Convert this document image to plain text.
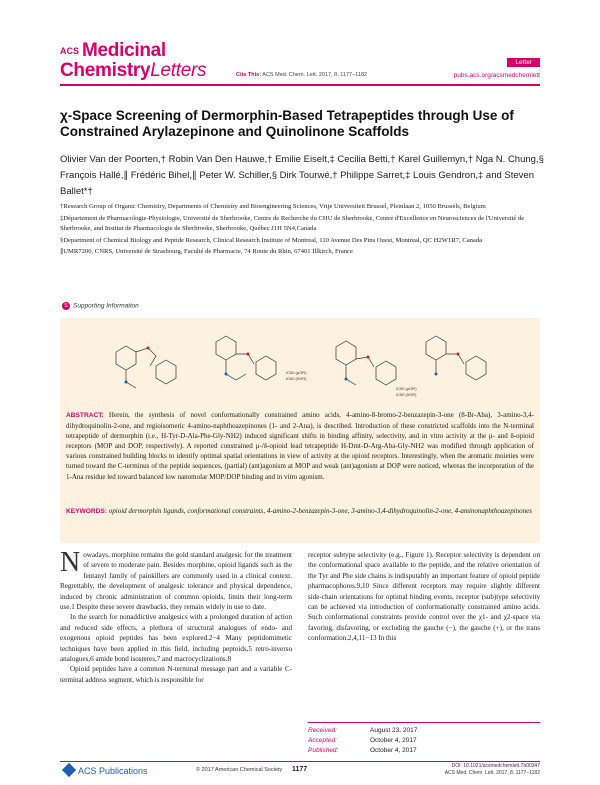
ACS Medicinal
ChemistryLetters	Letter
Cite This: ACS Med. Chem. Lett. 2017, 8, 1177−1182	pubs.acs.org/acsmedchemlett
χ-Space Screening of Dermorphin-Based Tetrapeptides through Use of Constrained Arylazepinone and Quinolinone Scaffolds
Olivier Van der Poorten,† Robin Van Den Hauwe,† Emilie Eiselt,‡ Cecilia Betti,† Karel Guillemyn,† Nga N. Chung,§ François Hallé,∥ Frédéric Bihel,∥ Peter W. Schiller,§ Dirk Tourwé,† Philippe Sarret,‡ Louis Gendron,‡ and Steven Ballet*†

†Research Group of Organic Chemistry, Departments of Chemistry and Bioengineering Sciences, Vrije Universiteit Brussel, Pleinlaan 2, 1050 Brussels, Belgium

‡Département de Pharmacologie-Physiologie, Université de Sherbrooke, Centre de Recherche du CHU de Sherbrooke, Centre d'Excellence en Neurosciences de l'Université de Sherbrooke, and Institut de Pharmacologie de Sherbrooke, Sherbrooke, Québec J1H 5N4,Canada

§Department of Chemical Biology and Peptide Research, Clinical Research Institute of Montreal, 110 Avenue Des Pins Ouest, Montreal, QC H2W1R7, Canada

∥UMR7200, CNRS, Université de Strasbourg, Faculté de Pharmacie, 74 Route du Rhin, 67401 Illkirch, France

S Supporting Information
IC50 (μOR)
IC50 (δOR)
IC50 (μOR)
IC50 (δOR)
ABSTRACT: Herein, the synthesis of novel conformationally constrained amino acids, 4-amino-8-bromo-2-benzazepin-3-one (8-Br-Aba), 3-amino-3,4-dihydroquinolin-2-one, and regioisomeric 4-amino-naphthoazepinones (1- and 2-Ana), is described. Introduction of these constricted scaffolds into the N-terminal tetrapeptide of dermorphin (i.e., H-Tyr-D-Ala-Phe-Gly-NH2) induced significant shifts in binding affinity, selectivity, and in vitro activity at the μ- and δ-opioid receptors (MOP and DOP, respectively). A reported constrained μ-/δ-opioid lead tetrapeptide H-Dmt-D-Arg-Aba-Gly-NH2 was modified through application of various constrained building blocks to identify optimal spatial orientations in view of activity at the opioid receptors. Interestingly, when the aromatic moieties were turned toward the C-terminus of the peptide sequences, (partial) (ant)agonism at MOP and weak (ant)agonism at DOP were noticed, whereas the incorporation of the 1-Ana residue led toward balanced low nanomolar MOP/DOP binding and in vitro agonism.
KEYWORDS: opioid dermorphin ligands, conformational constraints, 4-amino-2-benzazepin-3-one, 3-amino-3,4-dihydroquinolin-2-one, 4-aminonaphthoazepinones

Nowadays, morphine remains the gold standard analgesic for the treatment of severe to moderate pain. Besides morphine, opioid ligands such as the fentanyl family of painkillers are commonly used in a clinical context. Regrettably, the development of analgesic tolerance and physical dependence, induced by chronic administration of common opioids, limits their long-term use.1 Despite these severe drawbacks, they remain widely in use to date.

In the search for nonaddictive analgesics with a prolonged duration of action and reduced side effects, a plethora of structural analogues of endo- and exogenous opioid peptides has been explored.2−4 Many peptidomimetic techniques have been applied in this field, including peptoids,5 retro-inverso analogues,6 amide bond isosteres,7 and macrocyclizations.8

Opioid peptides have a common N-terminal message part and a variable C-terminal address segment, which is responsible for

receptor subtype selectivity (e.g., Figure 1). Receptor selectivity is dependent on the conformational space available to the peptide, and the relative orientation of the Tyr and Phe side chains is indisputably an important feature of opioid peptide pharmacophores.9,10 Since different receptors may require slightly different side-chain orientations for optimal binding events, receptor (sub)type selectivity can be achieved via introduction of conformationally constrained amino acids. Such conformational constraints provide control over the χ1- and χ2-space via favoring, disfavoring, or excluding the gauche (−), the gauche (+), or the trans conformation.2,4,11−13 In this

Received:	August 23, 2017
Accepted:	October 4, 2017
Published:	October 4, 2017
ACS Publications	© 2017 American Chemical Society 1177	DOI: 10.1021/acsmedchemlett.7b00347
ACS Med. Chem. Lett. 2017, 8, 1177−1182
